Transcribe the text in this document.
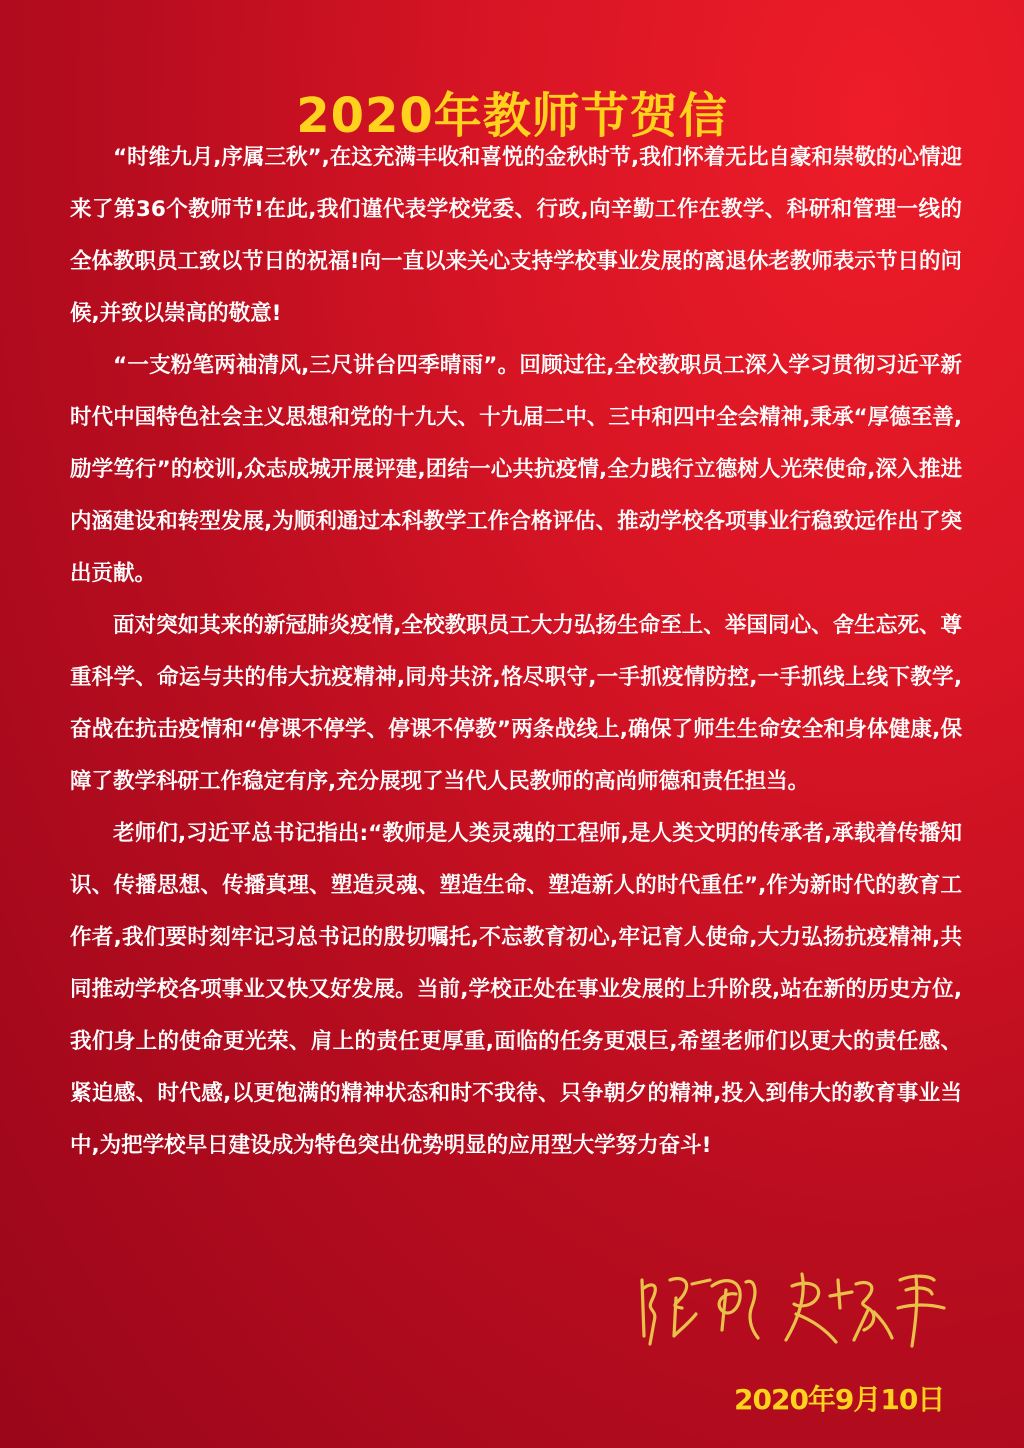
2020年教师节贺信

“时维九月,序属三秋”,在这充满丰收和喜悦的金秋时节,我们怀着无比自豪和崇敬的心情迎来了第36个教师节!在此,我们谨代表学校党委、行政,向辛勤工作在教学、科研和管理一线的全体教职员工致以节日的祝福!向一直以来关心支持学校事业发展的离退休老教师表示节日的问候,并致以崇高的敬意!

“一支粉笔两袖清风,三尺讲台四季晴雨”。回顾过往,全校教职员工深入学习贯彻习近平新时代中国特色社会主义思想和党的十九大、十九届二中、三中和四中全会精神,秉承“厚德至善,励学笃行”的校训,众志成城开展评建,团结一心共抗疫情,全力践行立德树人光荣使命,深入推进内涵建设和转型发展,为顺利通过本科教学工作合格评估、推动学校各项事业行稳致远作出了突出贡献。

面对突如其来的新冠肺炎疫情,全校教职员工大力弘扬生命至上、举国同心、舍生忘死、尊重科学、命运与共的伟大抗疫精神,同舟共济,恪尽职守,一手抓疫情防控,一手抓线上线下教学,奋战在抗击疫情和“停课不停学、停课不停教”两条战线上,确保了师生生命安全和身体健康,保障了教学科研工作稳定有序,充分展现了当代人民教师的高尚师德和责任担当。

老师们,习近平总书记指出:“教师是人类灵魂的工程师,是人类文明的传承者,承载着传播知识、传播思想、传播真理、塑造灵魂、塑造生命、塑造新人的时代重任”,作为新时代的教育工作者,我们要时刻牢记习总书记的殷切嘱托,不忘教育初心,牢记育人使命,大力弘扬抗疫精神,共同推动学校各项事业又快又好发展。当前,学校正处在事业发展的上升阶段,站在新的历史方位,我们身上的使命更光荣、肩上的责任更厚重,面临的任务更艰巨,希望老师们以更大的责任感、紧迫感、时代感,以更饱满的精神状态和时不我待、只争朝夕的精神,投入到伟大的教育事业当中,为把学校早日建设成为特色突出优势明显的应用型大学努力奋斗!

2020年9月10日
